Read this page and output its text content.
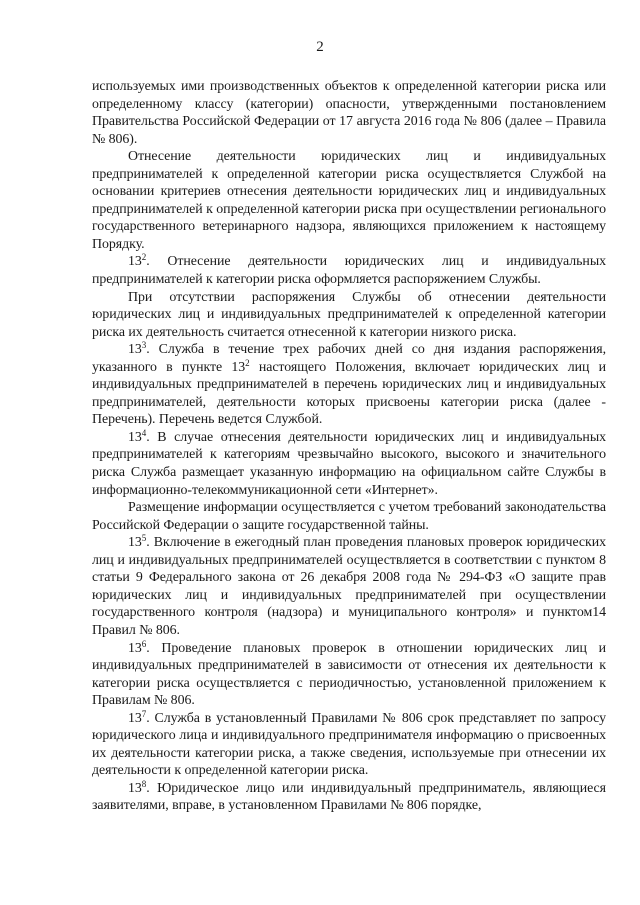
2

используемых ими производственных объектов к определенной категории риска или определенному классу (категории) опасности, утвержденными постановлением Правительства Российской Федерации от 17 августа 2016 года № 806 (далее – Правила № 806).

Отнесение деятельности юридических лиц и индивидуальных предпринимателей к определенной категории риска осуществляется Службой на основании критериев отнесения деятельности юридических лиц и индивидуальных предпринимателей к определенной категории риска при осуществлении регионального государственного ветеринарного надзора, являющихся приложением к настоящему Порядку.

$13^2$. Отнесение деятельности юридических лиц и индивидуальных предпринимателей к категории риска оформляется распоряжением Службы.

При отсутствии распоряжения Службы об отнесении деятельности юридических лиц и индивидуальных предпринимателей к определенной категории риска их деятельность считается отнесенной к категории низкого риска.

$13^3$. Служба в течение трех рабочих дней со дня издания распоряжения, указанного в пункте $13^2$ настоящего Положения, включает юридических лиц и индивидуальных предпринимателей в перечень юридических лиц и индивидуальных предпринимателей, деятельности которых присвоены категории риска (далее - Перечень). Перечень ведется Службой.

$13^4$. В случае отнесения деятельности юридических лиц и индивидуальных предпринимателей к категориям чрезвычайно высокого, высокого и значительного риска Служба размещает указанную информацию на официальном сайте Службы в информационно-телекоммуникационной сети «Интернет».

Размещение информации осуществляется с учетом требований законодательства Российской Федерации о защите государственной тайны.

$13^5$. Включение в ежегодный план проведения плановых проверок юридических лиц и индивидуальных предпринимателей осуществляется в соответствии с пунктом 8 статьи 9 Федерального закона от 26 декабря 2008 года № 294-ФЗ «О защите прав юридических лиц и индивидуальных предпринимателей при осуществлении государственного контроля (надзора) и муниципального контроля» и пунктом14 Правил № 806.

$13^6$. Проведение плановых проверок в отношении юридических лиц и индивидуальных предпринимателей в зависимости от отнесения их деятельности к категории риска осуществляется с периодичностью, установленной приложением к Правилам № 806.

$13^7$. Служба в установленный Правилами № 806 срок представляет по запросу юридического лица и индивидуального предпринимателя информацию о присвоенных их деятельности категории риска, а также сведения, используемые при отнесении их деятельности к определенной категории риска.

$13^8$. Юридическое лицо или индивидуальный предприниматель, являющиеся заявителями, вправе, в установленном Правилами № 806 порядке,
